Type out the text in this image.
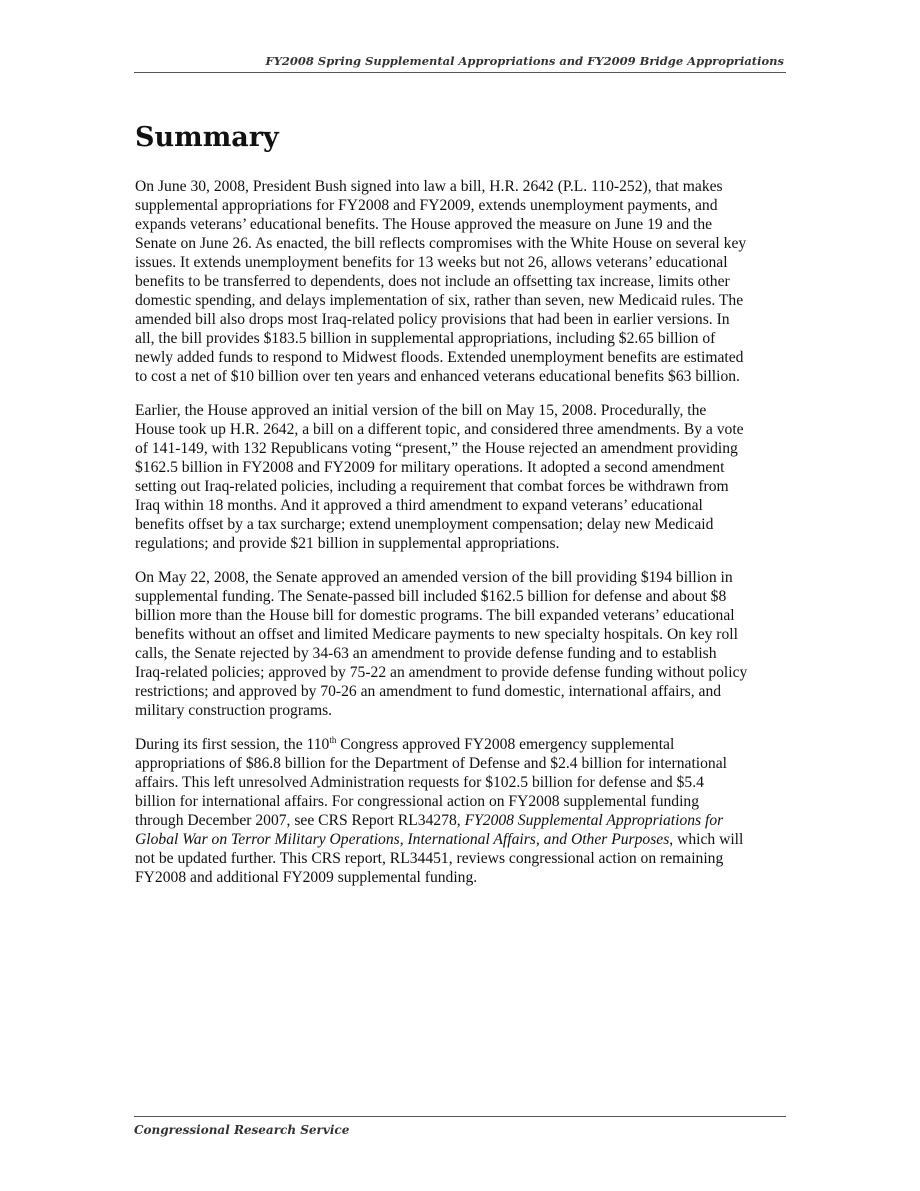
FY2008 Spring Supplemental Appropriations and FY2009 Bridge Appropriations
Summary

On June 30, 2008, President Bush signed into law a bill, H.R. 2642 (P.L. 110-252), that makes
supplemental appropriations for FY2008 and FY2009, extends unemployment payments, and
expands veterans’ educational benefits. The House approved the measure on June 19 and the
Senate on June 26. As enacted, the bill reflects compromises with the White House on several key
issues. It extends unemployment benefits for 13 weeks but not 26, allows veterans’ educational
benefits to be transferred to dependents, does not include an offsetting tax increase, limits other
domestic spending, and delays implementation of six, rather than seven, new Medicaid rules. The
amended bill also drops most Iraq-related policy provisions that had been in earlier versions. In
all, the bill provides $183.5 billion in supplemental appropriations, including $2.65 billion of
newly added funds to respond to Midwest floods. Extended unemployment benefits are estimated
to cost a net of $10 billion over ten years and enhanced veterans educational benefits $63 billion.

Earlier, the House approved an initial version of the bill on May 15, 2008. Procedurally, the
House took up H.R. 2642, a bill on a different topic, and considered three amendments. By a vote
of 141-149, with 132 Republicans voting “present,” the House rejected an amendment providing
$162.5 billion in FY2008 and FY2009 for military operations. It adopted a second amendment
setting out Iraq-related policies, including a requirement that combat forces be withdrawn from
Iraq within 18 months. And it approved a third amendment to expand veterans’ educational
benefits offset by a tax surcharge; extend unemployment compensation; delay new Medicaid
regulations; and provide $21 billion in supplemental appropriations.

On May 22, 2008, the Senate approved an amended version of the bill providing $194 billion in
supplemental funding. The Senate-passed bill included $162.5 billion for defense and about $8
billion more than the House bill for domestic programs. The bill expanded veterans’ educational
benefits without an offset and limited Medicare payments to new specialty hospitals. On key roll
calls, the Senate rejected by 34-63 an amendment to provide defense funding and to establish
Iraq-related policies; approved by 75-22 an amendment to provide defense funding without policy
restrictions; and approved by 70-26 an amendment to fund domestic, international affairs, and
military construction programs.

During its first session, the 110th Congress approved FY2008 emergency supplemental
appropriations of $86.8 billion for the Department of Defense and $2.4 billion for international
affairs. This left unresolved Administration requests for $102.5 billion for defense and $5.4
billion for international affairs. For congressional action on FY2008 supplemental funding
through December 2007, see CRS Report RL34278, FY2008 Supplemental Appropriations for
Global War on Terror Military Operations, International Affairs, and Other Purposes, which will
not be updated further. This CRS report, RL34451, reviews congressional action on remaining
FY2008 and additional FY2009 supplemental funding.

Congressional Research Service
